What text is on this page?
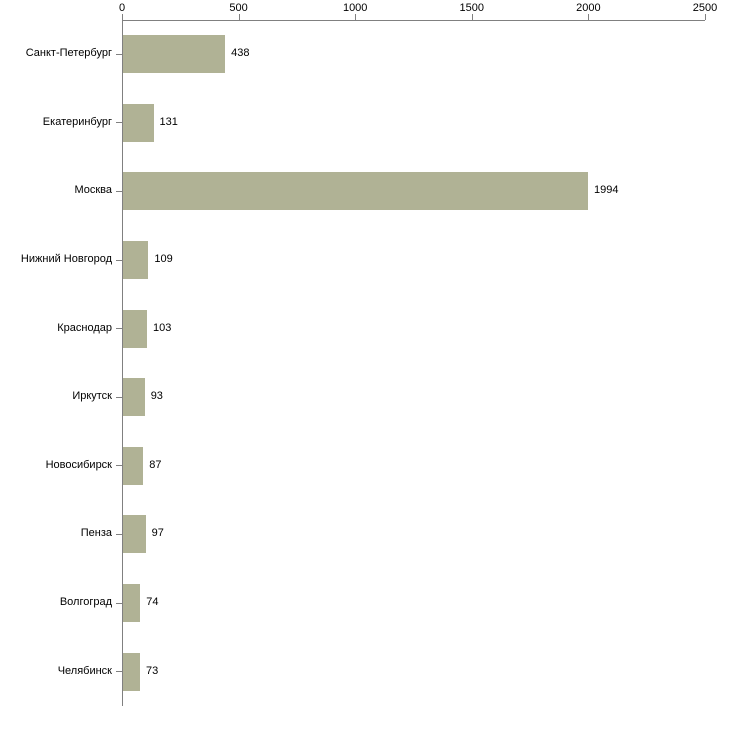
0	500	1000	1500	2000	2500
Санкт-Петербург	438
Екатеринбург	131
Москва	1994
Нижний Новгород	109
Краснодар	103
Иркутск	93
Новосибирск	87
Пенза	97
Волгоград	74
Челябинск	73
